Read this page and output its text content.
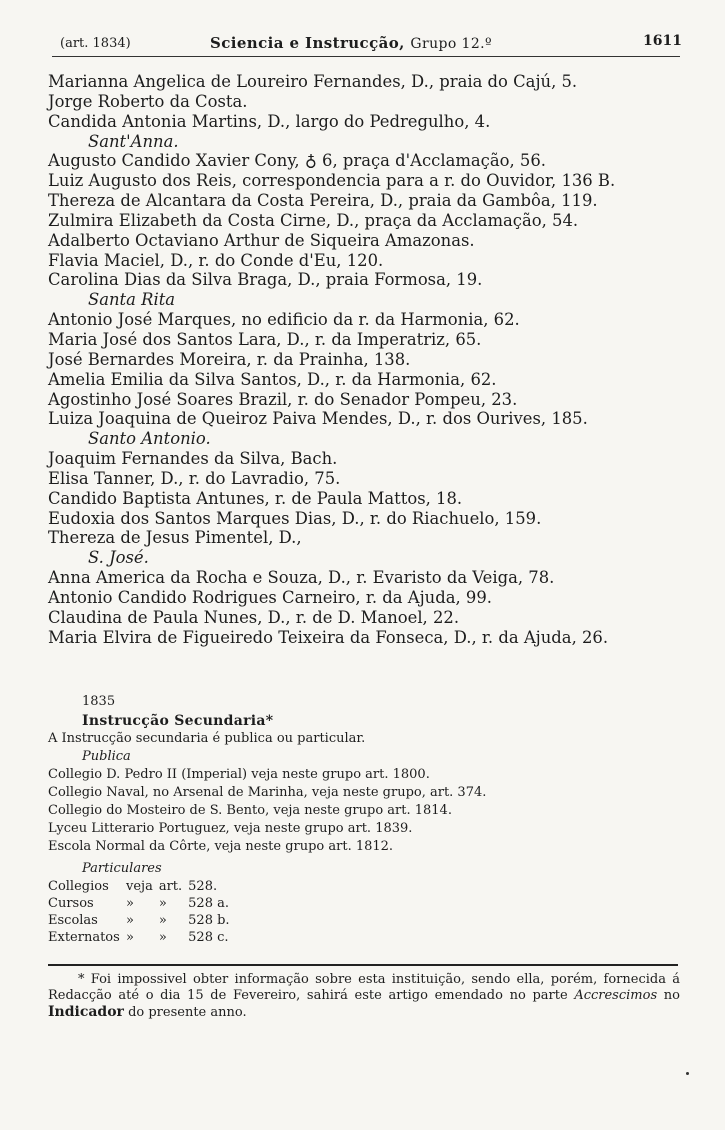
(art. 1834)	Sciencia e Instrucção, Grupo 12.º	1611
Marianna Angelica de Loureiro Fernandes, D., praia do Cajú, 5.
Jorge Roberto da Costa.
Candida Antonia Martins, D., largo do Pedregulho, 4.
Sant'Anna.
Augusto Candido Xavier Cony, ♁ 6, praça d'Acclamação, 56.
Luiz Augusto dos Reis, correspondencia para a r. do Ouvidor, 136 B.
Thereza de Alcantara da Costa Pereira, D., praia da Gambôa, 119.
Zulmira Elizabeth da Costa Cirne, D., praça da Acclamação, 54.
Adalberto Octaviano Arthur de Siqueira Amazonas.
Flavia Maciel, D., r. do Conde d'Eu, 120.
Carolina Dias da Silva Braga, D., praia Formosa, 19.
Santa Rita
Antonio José Marques, no edificio da r. da Harmonia, 62.
Maria José dos Santos Lara, D., r. da Imperatriz, 65.
José Bernardes Moreira, r. da Prainha, 138.
Amelia Emilia da Silva Santos, D., r. da Harmonia, 62.
Agostinho José Soares Brazil, r. do Senador Pompeu, 23.
Luiza Joaquina de Queiroz Paiva Mendes, D., r. dos Ourives, 185.
Santo Antonio.
Joaquim Fernandes da Silva, Bach.
Elisa Tanner, D., r. do Lavradio, 75.
Candido Baptista Antunes, r. de Paula Mattos, 18.
Eudoxia dos Santos Marques Dias, D., r. do Riachuelo, 159.
Thereza de Jesus Pimentel, D.,
S. José.
Anna America da Rocha e Souza, D., r. Evaristo da Veiga, 78.
Antonio Candido Rodrigues Carneiro, r. da Ajuda, 99.
Claudina de Paula Nunes, D., r. de D. Manoel, 22.
Maria Elvira de Figueiredo Teixeira da Fonseca, D., r. da Ajuda, 26.
1835
Instrucção Secundaria*
A Instrucção secundaria é publica ou particular.
Publica
Collegio D. Pedro II (Imperial) veja neste grupo art. 1800.
Collegio Naval, no Arsenal de Marinha, veja neste grupo, art. 374.
Collegio do Mosteiro de S. Bento, veja neste grupo art. 1814.
Lyceu Litterario Portuguez, veja neste grupo art. 1839.
Escola Normal da Côrte, veja neste grupo art. 1812.
Particulares
Collegios	veja	art.	528.
Cursos	»	»	528 a.
Escolas	»	»	528 b.
Externatos	»	»	528 c.
* Foi impossivel obter informação sobre esta instituição, sendo ella, porém, fornecida á Redacção até o dia 15 de Fevereiro, sahirá este artigo emendado no parte Accrescimos no Indicador do presente anno.
